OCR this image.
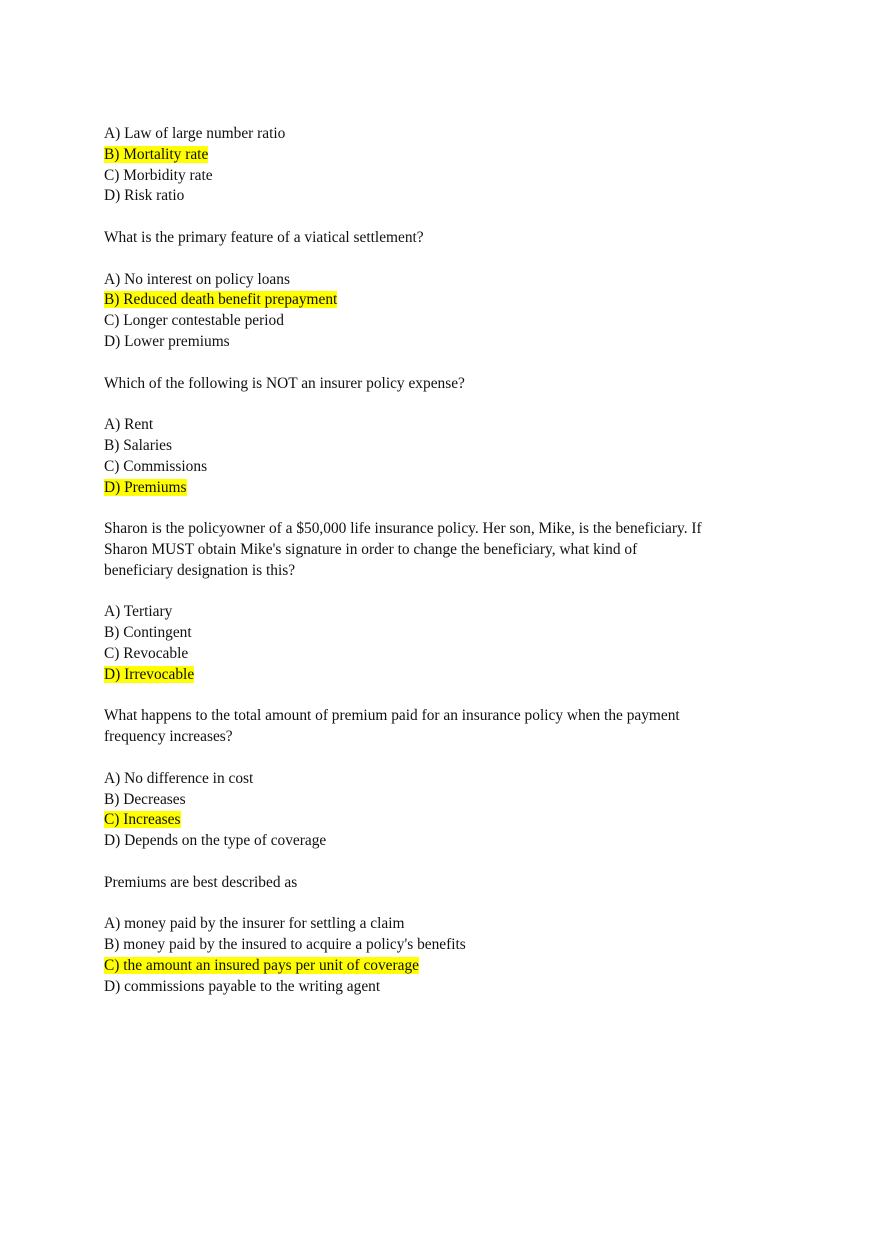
A) Law of large number ratio
B) Mortality rate
C) Morbidity rate
D) Risk ratio
What is the primary feature of a viatical settlement?
A) No interest on policy loans
B) Reduced death benefit prepayment
C) Longer contestable period
D) Lower premiums
Which of the following is NOT an insurer policy expense?
A) Rent
B) Salaries
C) Commissions
D) Premiums
Sharon is the policyowner of a $50,000 life insurance policy. Her son, Mike, is the beneficiary. If
Sharon MUST obtain Mike's signature in order to change the beneficiary, what kind of
beneficiary designation is this?
A) Tertiary
B) Contingent
C) Revocable
D) Irrevocable
What happens to the total amount of premium paid for an insurance policy when the payment
frequency increases?
A) No difference in cost
B) Decreases
C) Increases
D) Depends on the type of coverage
Premiums are best described as
A) money paid by the insurer for settling a claim
B) money paid by the insured to acquire a policy's benefits
C) the amount an insured pays per unit of coverage
D) commissions payable to the writing agent
